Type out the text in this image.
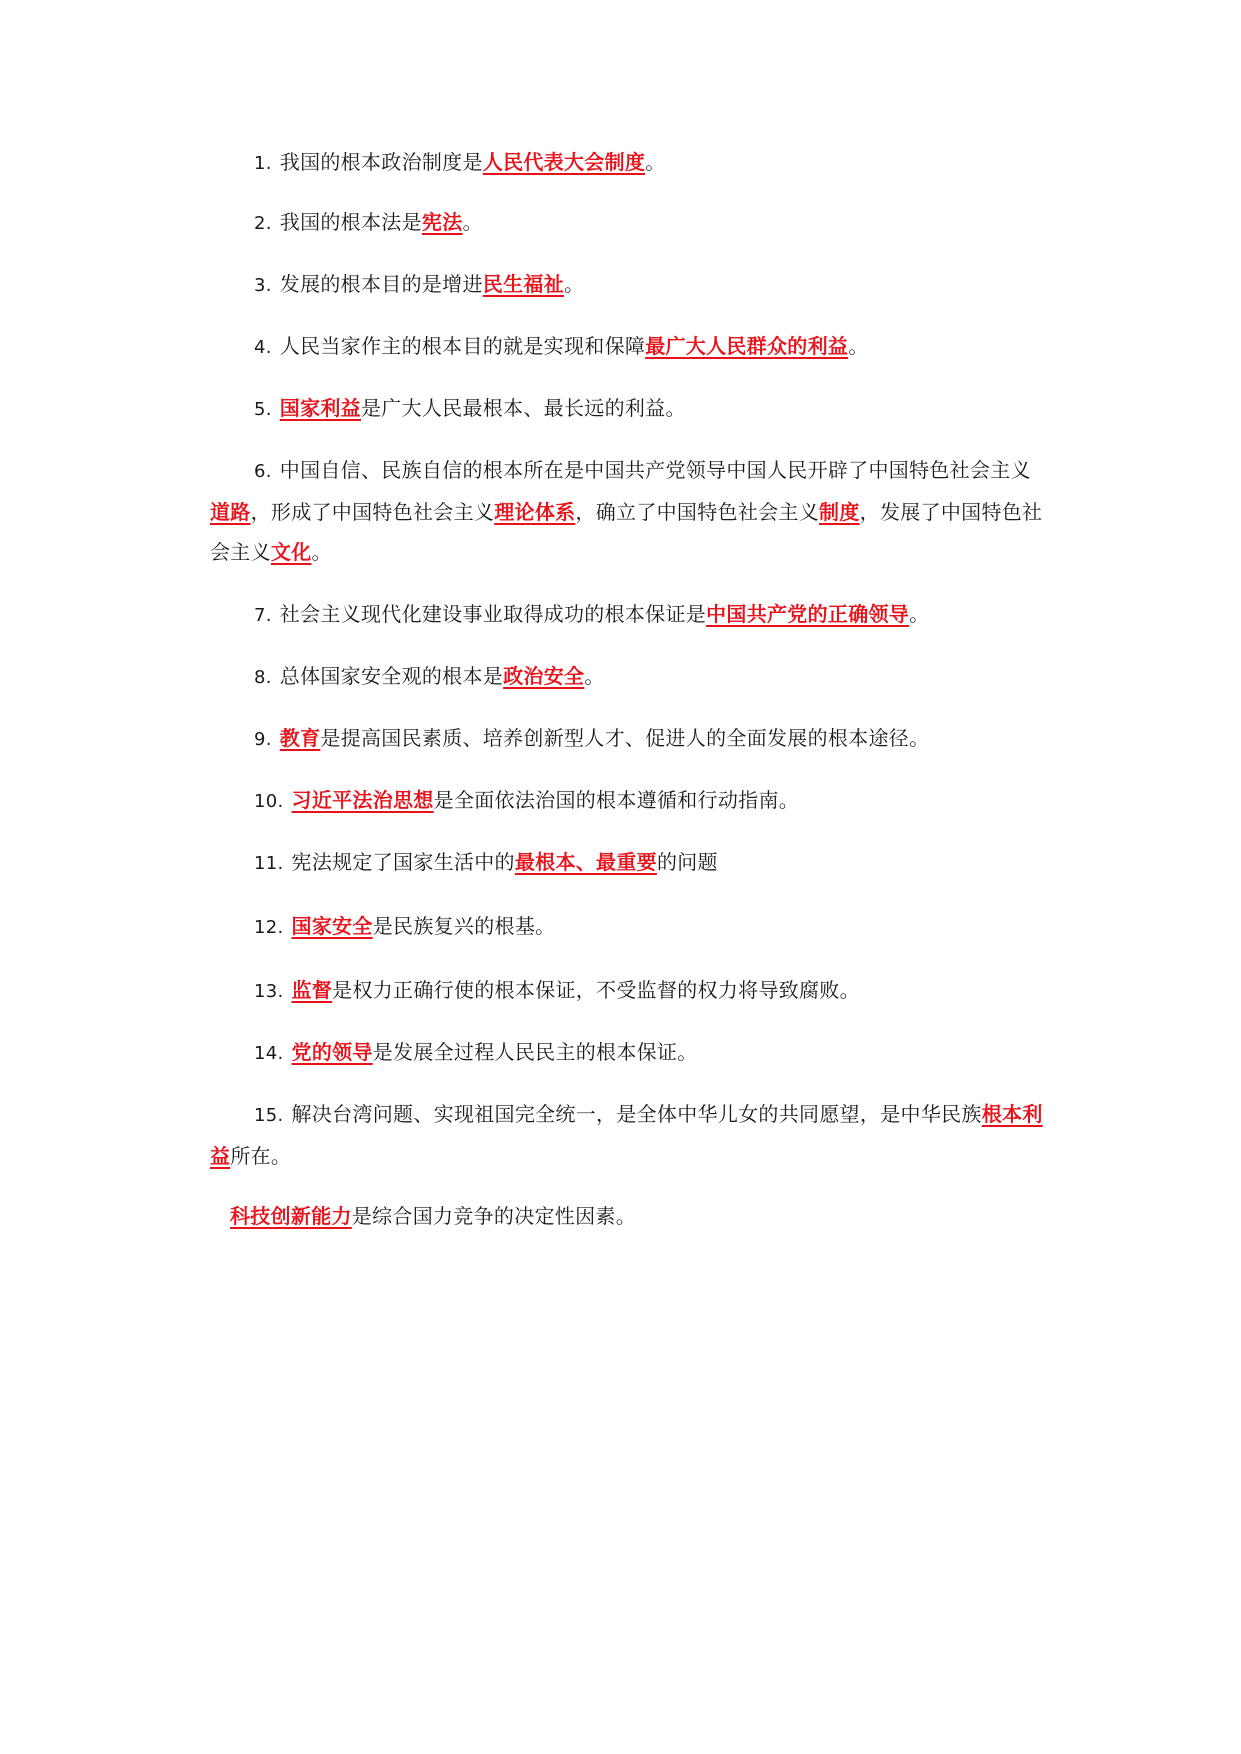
1. 我国的根本政治制度是人民代表大会制度。

2. 我国的根本法是宪法。

3. 发展的根本目的是增进民生福祉。

4. 人民当家作主的根本目的就是实现和保障最广大人民群众的利益。

5. 国家利益是广大人民最根本、最长远的利益。

6. 中国自信、民族自信的根本所在是中国共产党领导中国人民开辟了中国特色社会主义道路，形成了中国特色社会主义理论体系，确立了中国特色社会主义制度，发展了中国特色社会主义文化。

7. 社会主义现代化建设事业取得成功的根本保证是中国共产党的正确领导。

8. 总体国家安全观的根本是政治安全。

9. 教育是提高国民素质、培养创新型人才、促进人的全面发展的根本途径。

10. 习近平法治思想是全面依法治国的根本遵循和行动指南。

11. 宪法规定了国家生活中的最根本、最重要的问题

12. 国家安全是民族复兴的根基。

13. 监督是权力正确行使的根本保证，不受监督的权力将导致腐败。

14. 党的领导是发展全过程人民民主的根本保证。

15. 解决台湾问题、实现祖国完全统一，是全体中华儿女的共同愿望，是中华民族根本利益所在。

科技创新能力是综合国力竞争的决定性因素。
